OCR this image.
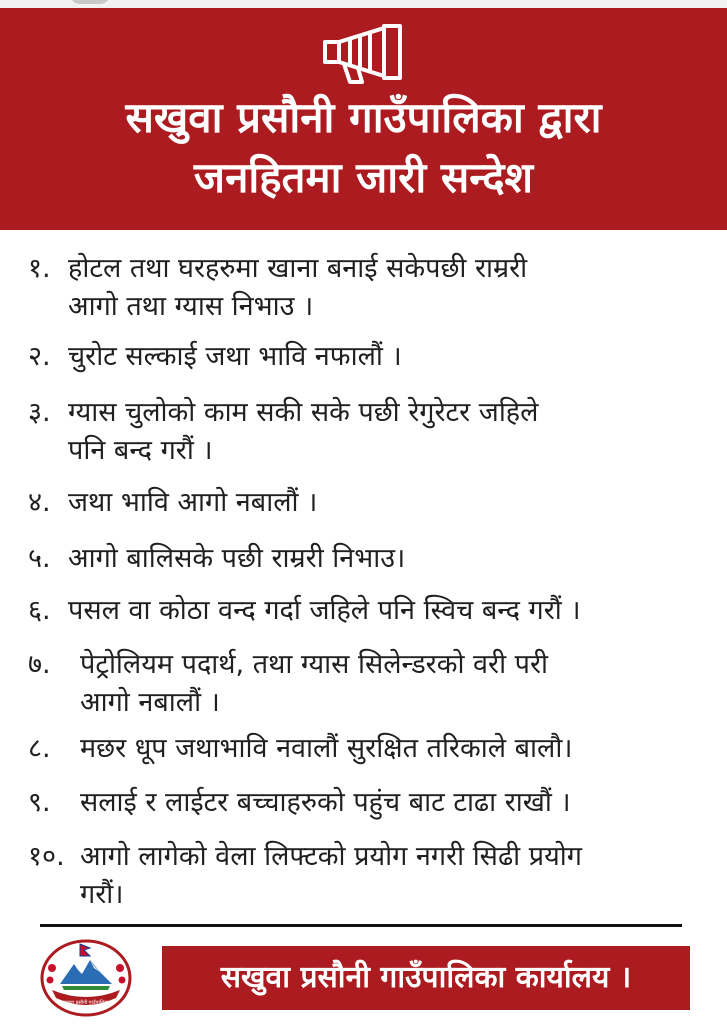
सखुवा प्रसौनी गाउँपालिका द्वारा
जनहितमा जारी सन्देश
१. होटल तथा घरहरुमा खाना बनाई सकेपछी राम्ररी
आगो तथा ग्यास निभाउ ।
२. चुरोट सल्काई जथा भावि नफालौं ।
३. ग्यास चुलोको काम सकी सके पछी रेगुरेटर जहिले
पनि बन्द गरौं ।
४. जथा भावि आगो नबालौं ।
५. आगो बालिसके पछी राम्ररी निभाउ।
६. पसल वा कोठा वन्द गर्दा जहिले पनि स्विच बन्द गरौं ।
७. पेट्रोलियम पदार्थ, तथा ग्यास सिलेन्डरको वरी परी
आगो नबालौं ।
८. मछर धूप जथाभावि नवालौं सुरक्षित तरिकाले बालौ।
९. सलाई र लाईटर बच्चाहरुको पहुंच बाट टाढा राखौं ।
१०. आगो लागेको वेला लिफ्टको प्रयोग नगरी सिढी प्रयोग
गरौं।
सखुवा प्रसौनी गाउँपालिका
सखुवा प्रसौनी गाउँपालिका कार्यालय ।
